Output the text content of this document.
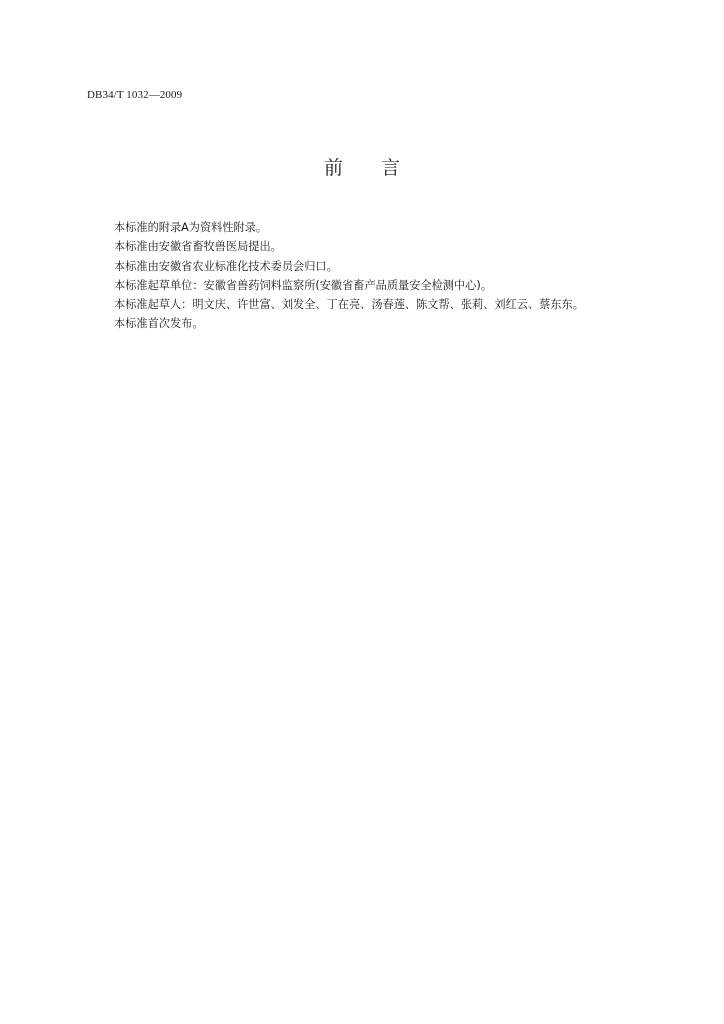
DB34/T 1032—2009
前 言
本标准的附录A为资料性附录。
本标准由安徽省畜牧兽医局提出。
本标准由安徽省农业标准化技术委员会归口。
本标准起草单位：安徽省兽药饲料监察所(安徽省畜产品质量安全检测中心)。
本标准起草人：明文庆、许世富、刘发全、丁在亮、汤春莲、陈文帮、张莉、刘红云、蔡东东。
本标准首次发布。
